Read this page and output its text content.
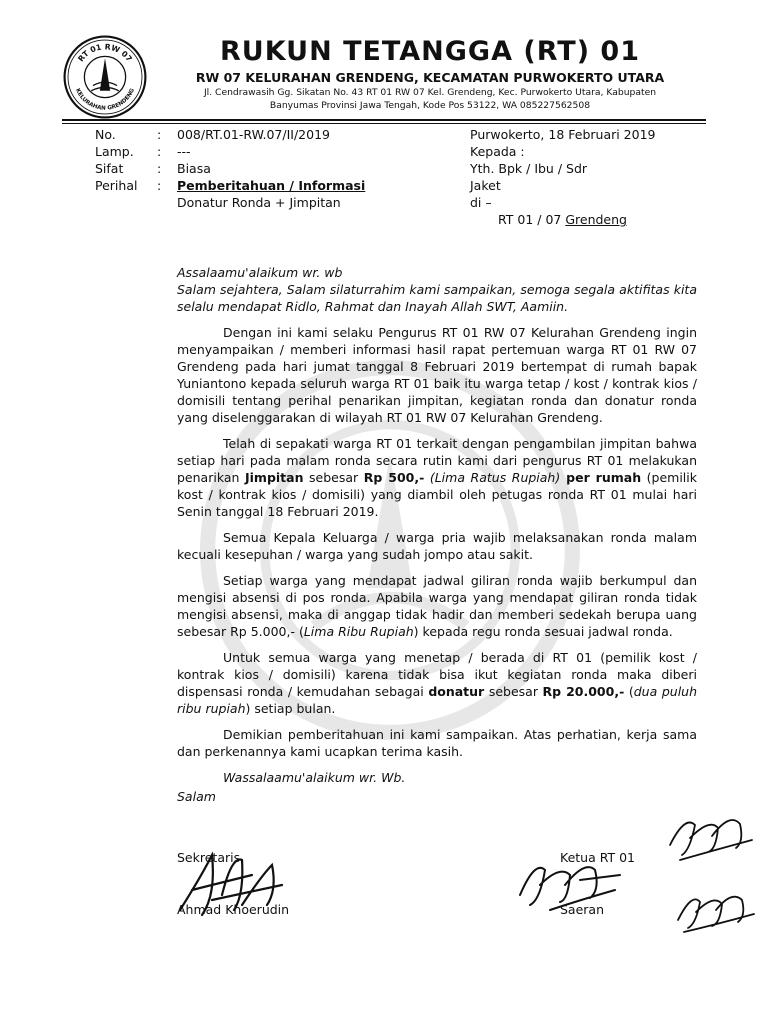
RT 01 RW 07
KELURAHAN GRENDENG
RUKUN TETANGGA (RT) 01
RW 07 KELURAHAN GRENDENG, KECAMATAN PURWOKERTO UTARA
Jl. Cendrawasih Gg. Sikatan No. 43 RT 01 RW 07 Kel. Grendeng, Kec. Purwokerto Utara, Kabupaten
Banyumas Provinsi Jawa Tengah, Kode Pos 53122, WA 085227562508
No.	:	008/RT.01-RW.07/II/2019
Lamp.	:	---
Sifat	:	Biasa
Perihal	:	Pemberitahuan / Informasi
Donatur Ronda + Jimpitan
Purwokerto, 18 Februari 2019
Kepada :
Yth. Bpk / Ibu / Sdr
Jaket
di –
RT 01 / 07 Grendeng

Assalaamu'alaikum wr. wb

Salam sejahtera, Salam silaturrahim kami sampaikan, semoga segala aktifitas kita selalu mendapat Ridlo, Rahmat dan Inayah Allah SWT, Aamiin.

Dengan ini kami selaku Pengurus RT 01 RW 07 Kelurahan Grendeng ingin menyampaikan / memberi informasi hasil rapat pertemuan warga RT 01 RW 07 Grendeng pada hari jumat tanggal 8 Februari 2019 bertempat di rumah bapak Yuniantono kepada seluruh warga RT 01 baik itu warga tetap / kost / kontrak kios / domisili tentang perihal penarikan jimpitan, kegiatan ronda dan donatur ronda yang diselenggarakan di wilayah RT 01 RW 07 Kelurahan Grendeng.

Telah di sepakati warga RT 01 terkait dengan pengambilan jimpitan bahwa setiap hari pada malam ronda secara rutin kami dari pengurus RT 01 melakukan penarikan Jimpitan sebesar Rp 500,- (Lima Ratus Rupiah) per rumah (pemilik kost / kontrak kios / domisili) yang diambil oleh petugas ronda RT 01 mulai hari Senin tanggal 18 Februari 2019.

Semua Kepala Keluarga / warga pria wajib melaksanakan ronda malam kecuali kesepuhan / warga yang sudah jompo atau sakit.

Setiap warga yang mendapat jadwal giliran ronda wajib berkumpul dan mengisi absensi di pos ronda. Apabila warga yang mendapat giliran ronda tidak mengisi absensi, maka di anggap tidak hadir dan memberi sedekah berupa uang sebesar Rp 5.000,- (Lima Ribu Rupiah) kepada regu ronda sesuai jadwal ronda.

Untuk semua warga yang menetap / berada di RT 01 (pemilik kost / kontrak kios / domisili) karena tidak bisa ikut kegiatan ronda maka diberi dispensasi ronda / kemudahan sebagai donatur sebesar Rp 20.000,- (dua puluh ribu rupiah) setiap bulan.

Demikian pemberitahuan ini kami sampaikan. Atas perhatian, kerja sama dan perkenannya kami ucapkan terima kasih.

Wassalaamu'alaikum wr. Wb.

Salam

Sekretaris
Ahmad Khoerudin
Ketua RT 01
Saeran
